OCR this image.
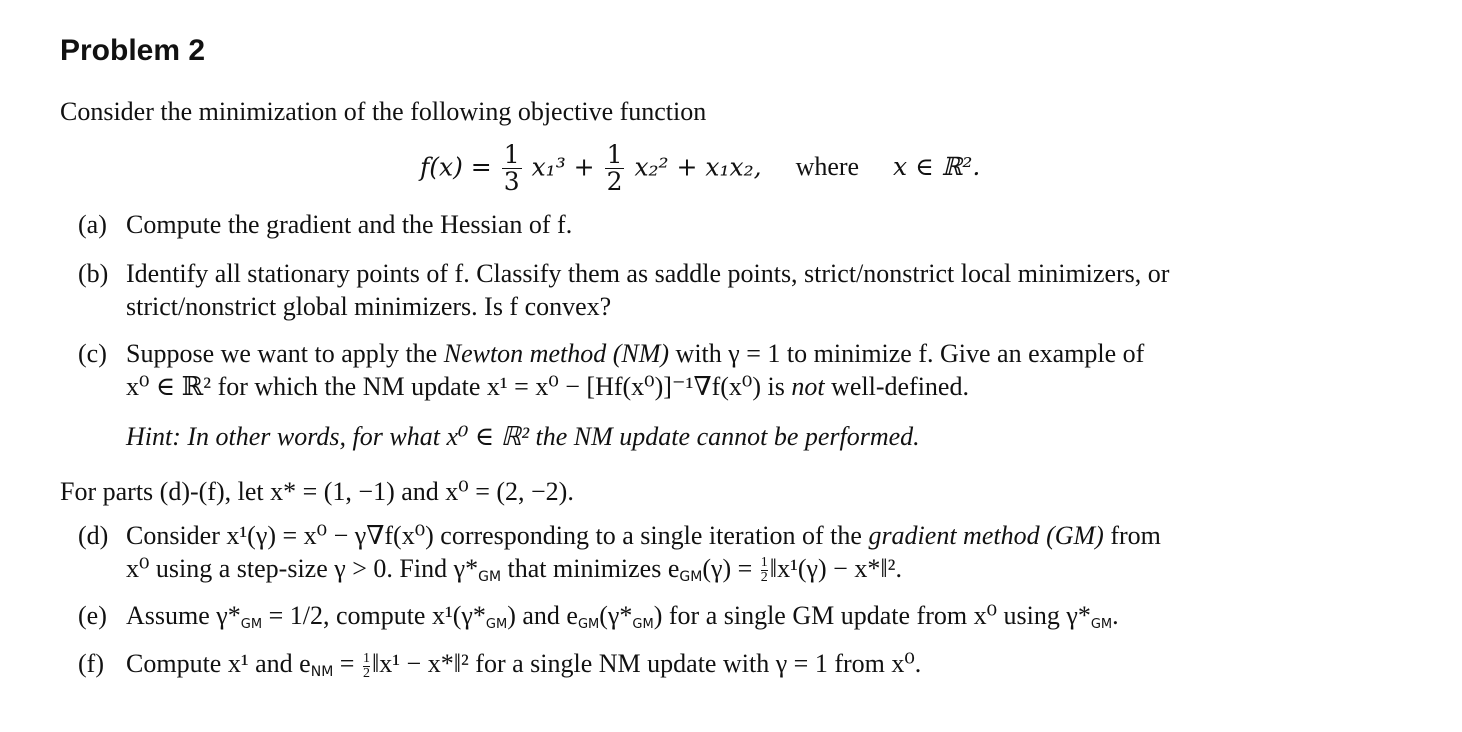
Problem 2
Consider the minimization of the following objective function
$f(x) = \frac{1}{3} x_1^3 + \frac{1}{2} x_2^2 + x_1x_2$, where x ∈ ℝ².
(a) Compute the gradient and the Hessian of f.
(b) Identify all stationary points of f. Classify them as saddle points, strict/nonstrict local minimizers, or
strict/nonstrict global minimizers. Is f convex?
(c) Suppose we want to apply the Newton method (NM) with γ = 1 to minimize f. Give an example of
x⁰ ∈ ℝ² for which the NM update x¹ = x⁰ − [Hf(x⁰)]⁻¹∇f(x⁰) is not well-defined.
Hint: In other words, for what x⁰ ∈ ℝ² the NM update cannot be performed.
For parts (d)-(f), let x* = (1, −1) and x⁰ = (2, −2).
(d) Consider x¹(γ) = x⁰ − γ∇f(x⁰) corresponding to a single iteration of the gradient method (GM) from
x⁰ using a step-size γ > 0. Find γ*GM that minimizes $eGM(\gamma) = \frac{1}{2}$ ‖x¹(γ) − x*‖².
(e) Assume γ*GM = 1/2, compute x¹(γ*GM) and eGM(γ*GM) for a single GM update from x⁰ using γ*GM.
(f) Compute x¹ and eNM = $\frac{1}{2}$ ‖x¹ − x*‖² for a single NM update with γ = 1 from x⁰.
